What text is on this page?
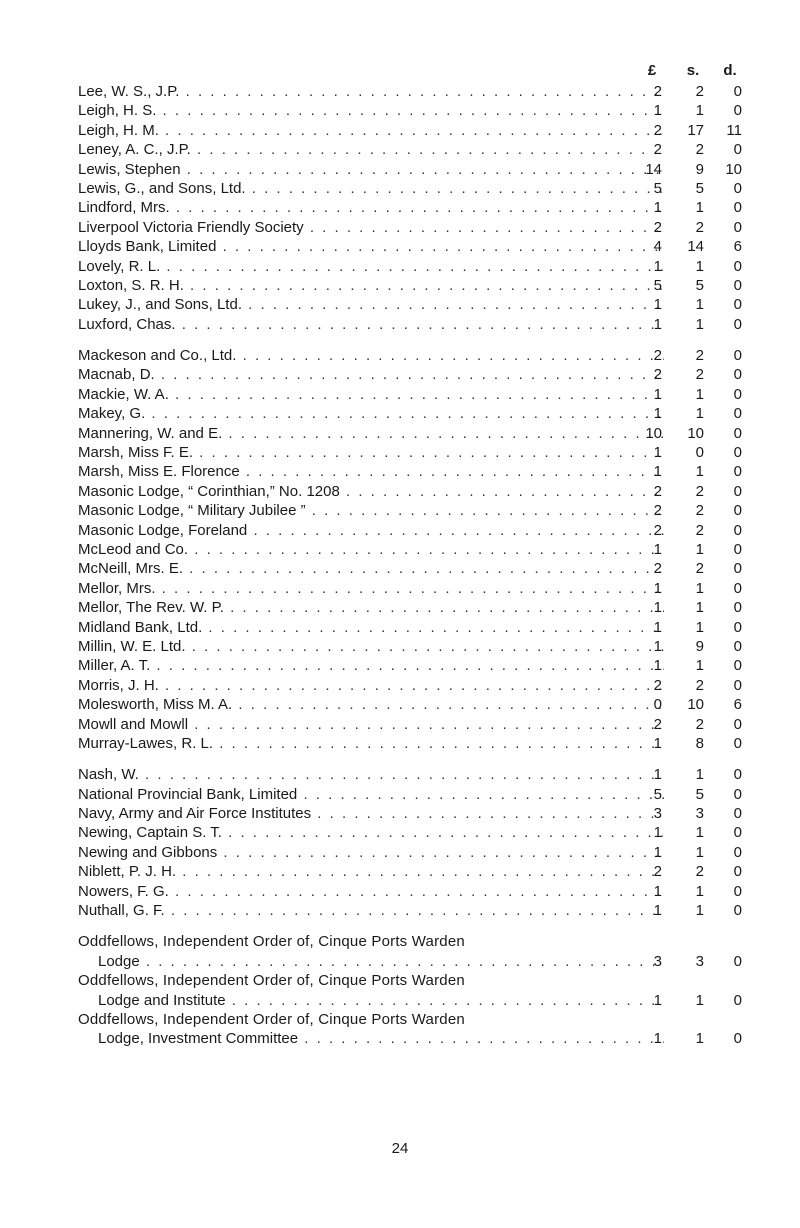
£	s.	d.
Lee, W. S., J.P. . . .	2	2	0
Leigh, H. S. . . .	1	1	0
Leigh, H. M. . . .	2	17	11
Leney, A. C., J.P. . . .	2	2	0
Lewis, Stephen . . .	14	9	10
Lewis, G., and Sons, Ltd. . . .	5	5	0
Lindford, Mrs. . . .	1	1	0
Liverpool Victoria Friendly Society . . .	2	2	0
Lloyds Bank, Limited . . .	4	14	6
Lovely, R. L. . . .	1	1	0
Loxton, S. R. H. . . .	5	5	0
Lukey, J., and Sons, Ltd. . . .	1	1	0
Luxford, Chas. . . .	1	1	0
Mackeson and Co., Ltd. . . .	2	2	0
Macnab, D. . . .	2	2	0
Mackie, W. A. . . .	1	1	0
Makey, G. . . .	1	1	0
Mannering, W. and E. . . .	10	10	0
Marsh, Miss F. E. . . .	1	0	0
Marsh, Miss E. Florence . . .	1	1	0
Masonic Lodge, “ Corinthian,” No. 1208 . . .	2	2	0
Masonic Lodge, “ Military Jubilee ” . . .	2	2	0
Masonic Lodge, Foreland . . .	2	2	0
McLeod and Co. . . .	1	1	0
McNeill, Mrs. E. . . .	2	2	0
Mellor, Mrs. . . .	1	1	0
Mellor, The Rev. W. P. . . .	1	1	0
Midland Bank, Ltd. . . .	1	1	0
Millin, W. E. Ltd. . . .	1	9	0
Miller, A. T. . . .	1	1	0
Morris, J. H. . . .	2	2	0
Molesworth, Miss M. A. . . .	0	10	6
Mowll and Mowll . . .	2	2	0
Murray-Lawes, R. L. . . .	1	8	0
Nash, W. . . .	1	1	0
National Provincial Bank, Limited . . .	5	5	0
Navy, Army and Air Force Institutes . . .	3	3	0
Newing, Captain S. T. . . .	1	1	0
Newing and Gibbons . . .	1	1	0
Niblett, P. J. H. . . .	2	2	0
Nowers, F. G. . . .	1	1	0
Nuthall, G. F. . . .	1	1	0
Oddfellows, Independent Order of, Cinque Ports Warden
Lodge . . .	3	3	0
Oddfellows, Independent Order of, Cinque Ports Warden
Lodge and Institute . . .	1	1	0
Oddfellows, Independent Order of, Cinque Ports Warden
Lodge, Investment Committee . . .	1	1	0
24
